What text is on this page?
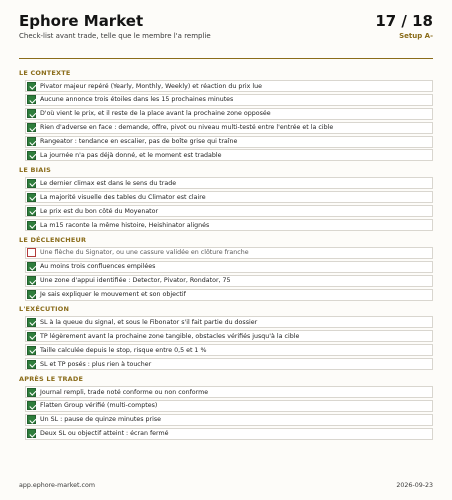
Ephore Market
Check-list avant trade, telle que le membre l'a remplie
17 / 18
Setup A-
LE CONTEXTE
Pivator majeur repéré (Yearly, Monthly, Weekly) et réaction du prix lue
Aucune annonce trois étoiles dans les 15 prochaines minutes
D'où vient le prix, et il reste de la place avant la prochaine zone opposée
Rien d'adverse en face : demande, offre, pivot ou niveau multi-testé entre l'entrée et la cible
Rangeator : tendance en escalier, pas de boîte grise qui traîne
La journée n'a pas déjà donné, et le moment est tradable
LE BIAIS
Le dernier climax est dans le sens du trade
La majorité visuelle des tables du Climator est claire
Le prix est du bon côté du Moyenator
La m15 raconte la même histoire, Heishinator alignés
LE DÉCLENCHEUR
Une flèche du Signator, ou une cassure validée en clôture franche
Au moins trois confluences empilées
Une zone d'appui identifiée : Detector, Pivator, Rondator, 75
Je sais expliquer le mouvement et son objectif
L'EXÉCUTION
SL à la queue du signal, et sous le Fibonator s'il fait partie du dossier
TP légèrement avant la prochaine zone tangible, obstacles vérifiés jusqu'à la cible
Taille calculée depuis le stop, risque entre 0,5 et 1 %
SL et TP posés : plus rien à toucher
APRÈS LE TRADE
Journal rempli, trade noté conforme ou non conforme
Flatten Group vérifié (multi-comptes)
Un SL : pause de quinze minutes prise
Deux SL ou objectif atteint : écran fermé
app.ephore-market.com	2026-09-23
